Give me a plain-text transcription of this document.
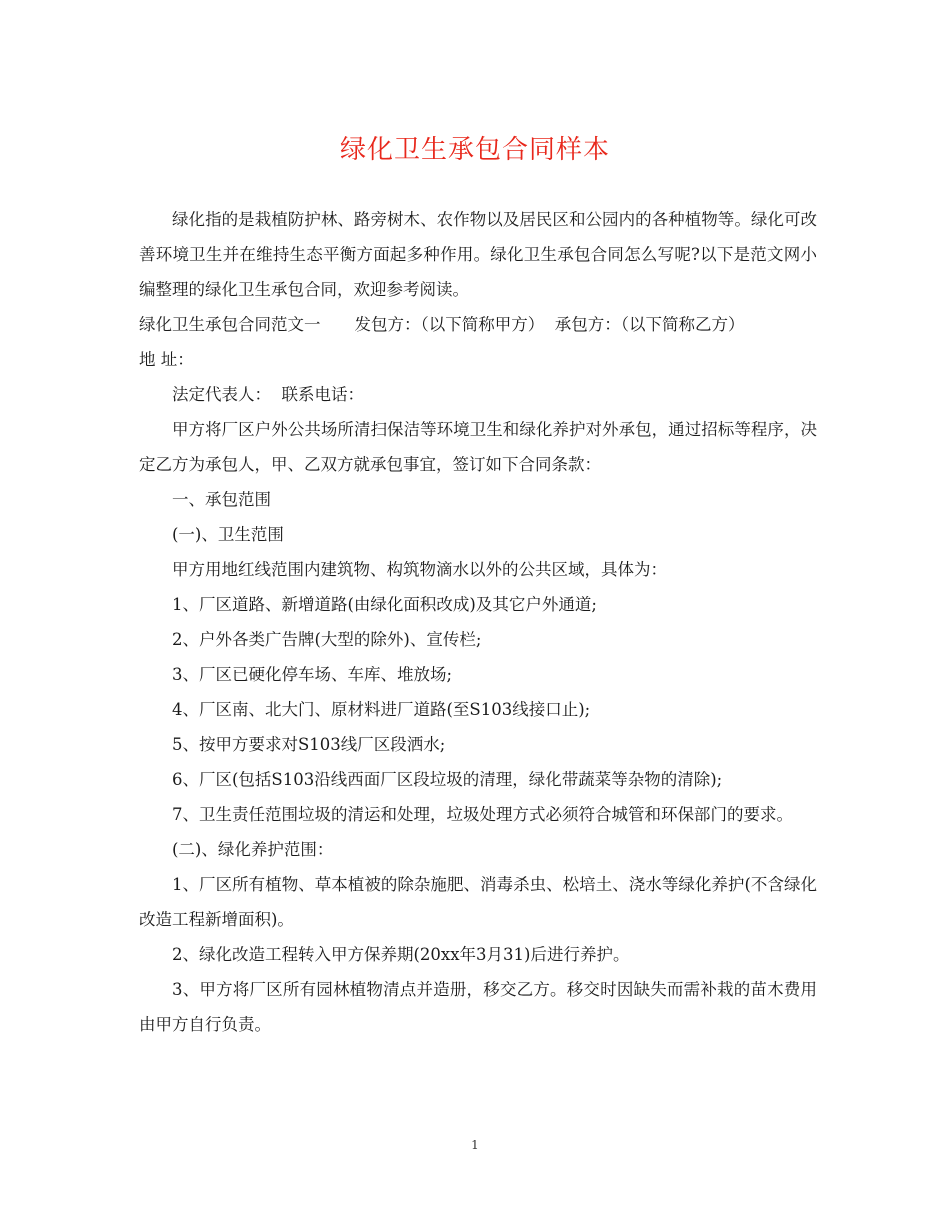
绿化卫生承包合同样本

绿化指的是栽植防护林、路旁树木、农作物以及居民区和公园内的各种植物等。绿化可改善环境卫生并在维持生态平衡方面起多种作用。绿化卫生承包合同怎么写呢?以下是范文网小编整理的绿化卫生承包合同，欢迎参考阅读。

绿化卫生承包合同范文一 发包方：（以下简称甲方）  承包方：（以下简称乙方）

地 址：

法定代表人：  联系电话：

甲方将厂区户外公共场所清扫保洁等环境卫生和绿化养护对外承包，通过招标等程序，决定乙方为承包人，甲、乙双方就承包事宜，签订如下合同条款：

一、承包范围

(一)、卫生范围

甲方用地红线范围内建筑物、构筑物滴水以外的公共区域，具体为：

1、厂区道路、新增道路(由绿化面积改成)及其它户外通道;

2、户外各类广告牌(大型的除外)、宣传栏;

3、厂区已硬化停车场、车库、堆放场;

4、厂区南、北大门、原材料进厂道路(至S103线接口止);

5、按甲方要求对S103线厂区段洒水;

6、厂区(包括S103沿线西面厂区段垃圾的清理，绿化带蔬菜等杂物的清除);

7、卫生责任范围垃圾的清运和处理，垃圾处理方式必须符合城管和环保部门的要求。

(二)、绿化养护范围：

1、厂区所有植物、草本植被的除杂施肥、消毒杀虫、松培土、浇水等绿化养护(不含绿化改造工程新增面积)。

2、绿化改造工程转入甲方保养期(20xx年3月31)后进行养护。

3、甲方将厂区所有园林植物清点并造册，移交乙方。移交时因缺失而需补栽的苗木费用由甲方自行负责。

1
